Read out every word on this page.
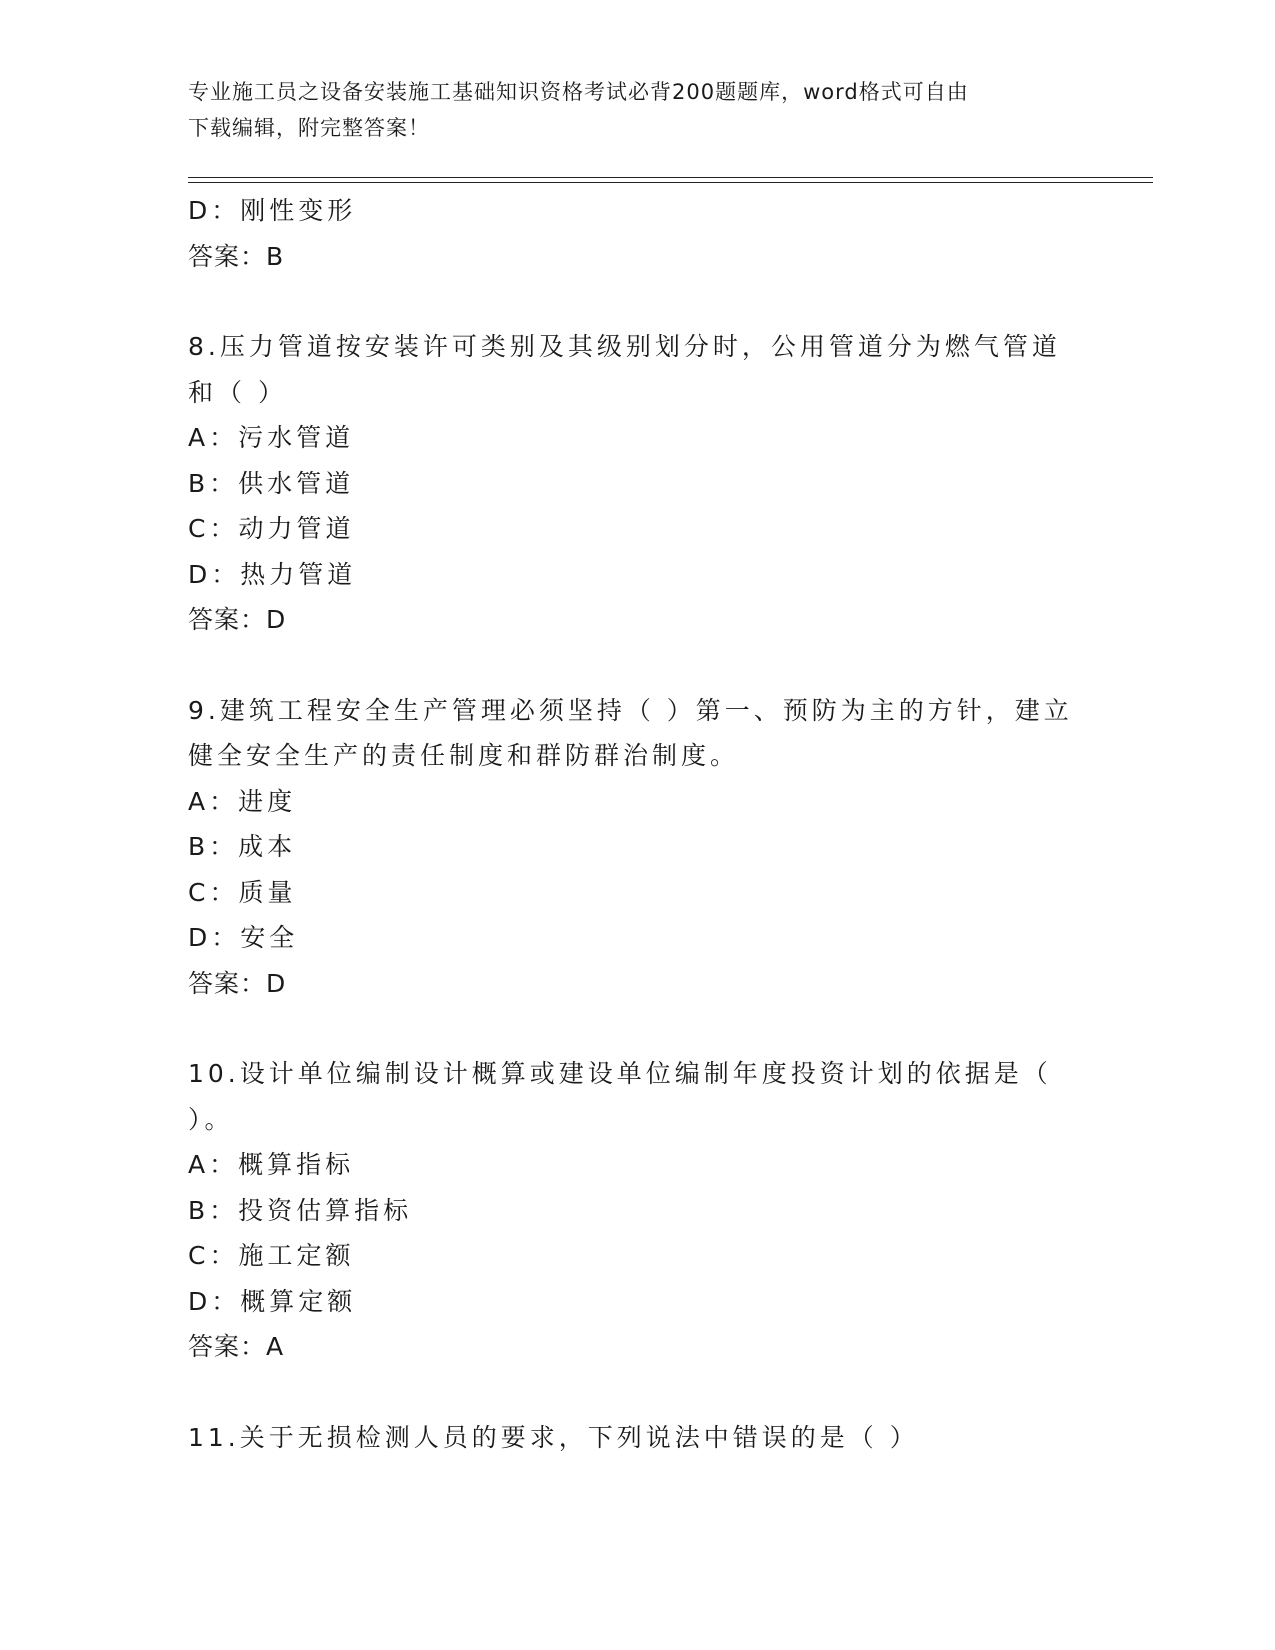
专业施工员之设备安装施工基础知识资格考试必背200题题库，word格式可自由
下载编辑，附完整答案！
D：刚性变形
答案：B
8.压力管道按安装许可类别及其级别划分时，公用管道分为燃气管道
和（ ）
A：污水管道
B：供水管道
C：动力管道
D：热力管道
答案：D
9.建筑工程安全生产管理必须坚持（ ）第一、预防为主的方针，建立
健全安全生产的责任制度和群防群治制度。
A：进度
B：成本
C：质量
D：安全
答案：D
10.设计单位编制设计概算或建设单位编制年度投资计划的依据是（
）。
A：概算指标
B：投资估算指标
C：施工定额
D：概算定额
答案：A
11.关于无损检测人员的要求，下列说法中错误的是（ ）
